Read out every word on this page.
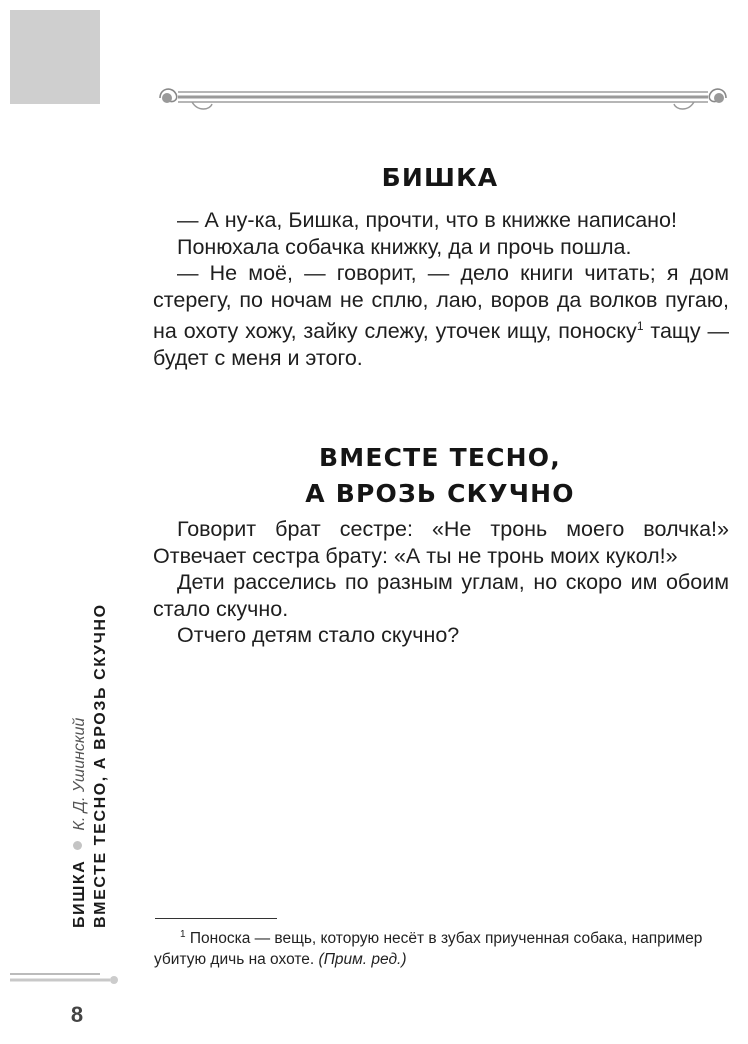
БИШКА

— А ну-ка, Бишка, прочти, что в книжке написано!

Понюхала собачка книжку, да и прочь пошла.

— Не моё, — говорит, — дело книги читать; я дом стерегу, по ночам не сплю, лаю, воров да волков пугаю, на охоту хожу, зайку слежу, уточек ищу, поноску$^1$ тащу — будет с меня и этого.

ВМЕСТЕ ТЕСНО,
А ВРОЗЬ СКУЧНО

Говорит брат сестре: «Не тронь моего волчка!» Отвечает сестра брату: «А ты не тронь моих кукол!»

Дети расселись по разным углам, но скоро им обоим стало скучно.

Отчего детям стало скучно?

$^1$ Поноска — вещь, которую несёт в зубах приученная собака, например убитую дичь на охоте. (Прим. ред.)

БИШКАК. Д. Ушинский ВМЕСТЕ ТЕСНО, А ВРОЗЬ СКУЧНО
8
